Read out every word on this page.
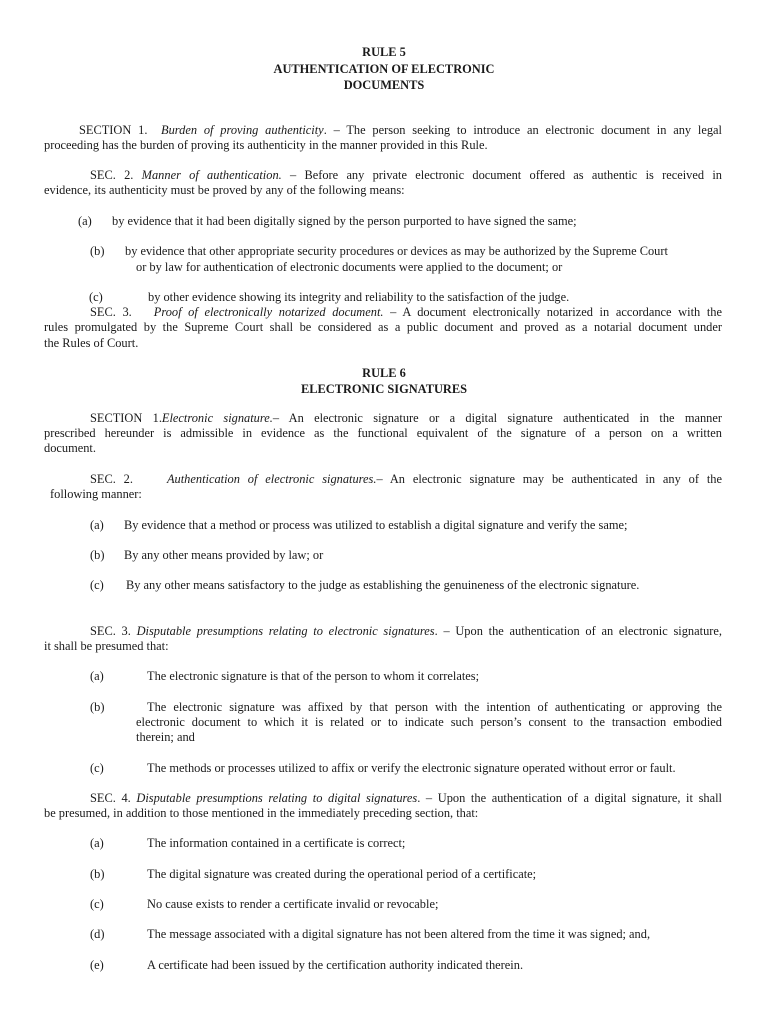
RULE 5
AUTHENTICATION OF ELECTRONIC
DOCUMENTS
SECTION 1. Burden of proving authenticity. – The person seeking to introduce an electronic document in any legal
proceeding has the burden of proving its authenticity in the manner provided in this Rule.
SEC. 2. Manner of authentication. – Before any private electronic document offered as authentic is received in
evidence, its authenticity must be proved by any of the following means:
(a) by evidence that it had been digitally signed by the person purported to have signed the same;
(b) by evidence that other appropriate security procedures or devices as may be authorized by the Supreme Court
or by law for authentication of electronic documents were applied to the document; or
(c)	by other evidence showing its integrity and reliability to the satisfaction of the judge.
SEC. 3. Proof of electronically notarized document. – A document electronically notarized in accordance with the
rules promulgated by the Supreme Court shall be considered as a public document and proved as a notarial document under
the Rules of Court.
RULE 6
ELECTRONIC SIGNATURES
SECTION 1.Electronic signature.– An electronic signature or a digital signature authenticated in the manner
prescribed hereunder is admissible in evidence as the functional equivalent of the signature of a person on a written
document.
SEC. 2.	Authentication of electronic signatures.– An electronic signature may be authenticated in any of the
following manner:
(a) By evidence that a method or process was utilized to establish a digital signature and verify the same;
(b) By any other means provided by law; or
(c) By any other means satisfactory to the judge as establishing the genuineness of the electronic signature.
SEC. 3. Disputable presumptions relating to electronic signatures. – Upon the authentication of an electronic signature,
it shall be presumed that:
(a)	The electronic signature is that of the person to whom it correlates;
(b)	The electronic signature was affixed by that person with the intention of authenticating or approving the
electronic document to which it is related or to indicate such person’s consent to the transaction embodied
therein; and
(c)	The methods or processes utilized to affix or verify the electronic signature operated without error or fault.
SEC. 4. Disputable presumptions relating to digital signatures. – Upon the authentication of a digital signature, it shall
be presumed, in addition to those mentioned in the immediately preceding section, that:
(a)	The information contained in a certificate is correct;
(b)	The digital signature was created during the operational period of a certificate;
(c)	No cause exists to render a certificate invalid or revocable;
(d)	The message associated with a digital signature has not been altered from the time it was signed; and,
(e)	A certificate had been issued by the certification authority indicated therein.
